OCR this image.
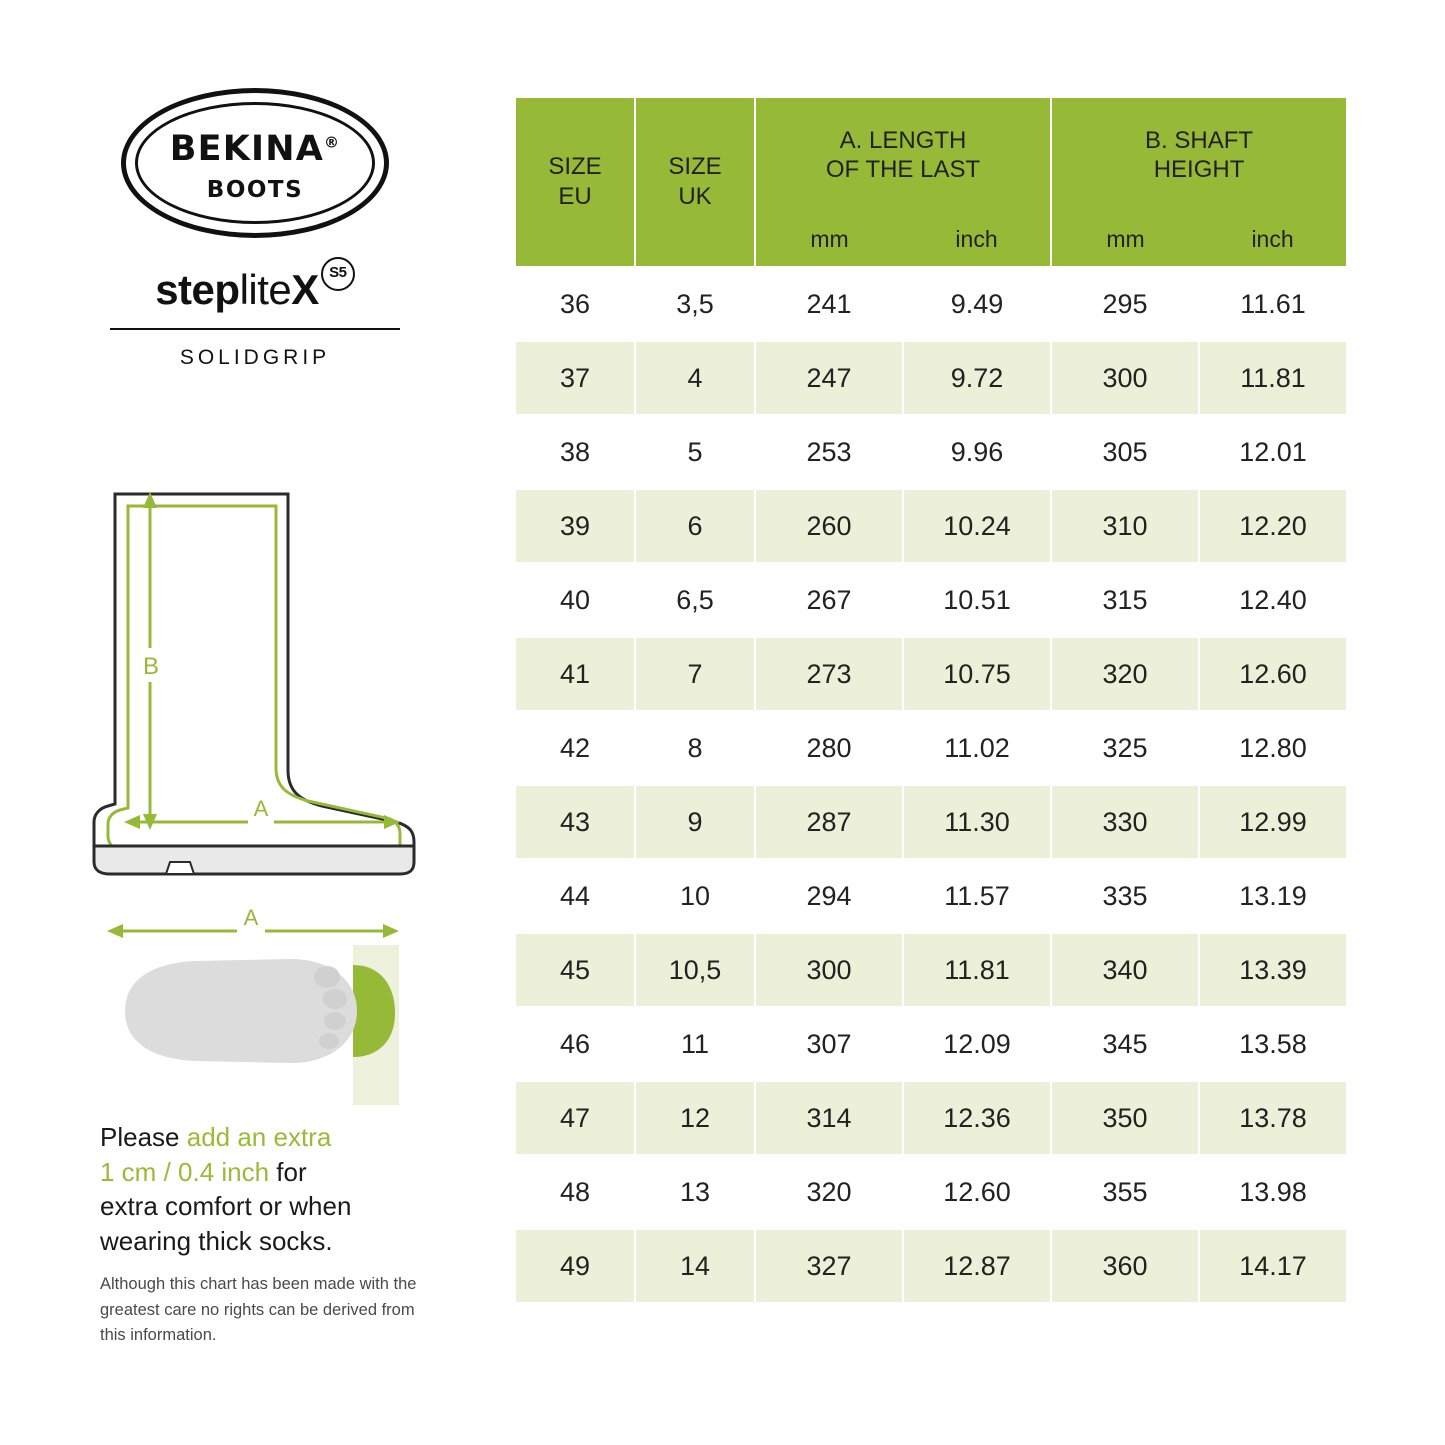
BEKINA®
BOOTS
stepliteX S5
SOLIDGRIP
B
A
A
Please add an extra
1 cm / 0.4 inch for
extra comfort or when wearing thick socks.
Although this chart has been made with the greatest care no rights can be derived from this information.
SIZE
EU

SIZE
UK

A. LENGTH
OF THE LAST
mm	inch

B. SHAFT
HEIGHT
mm	inch

36	3,5	241	9.49	295	11.61
37	4	247	9.72	300	11.81
38	5	253	9.96	305	12.01
39	6	260	10.24	310	12.20
40	6,5	267	10.51	315	12.40
41	7	273	10.75	320	12.60
42	8	280	11.02	325	12.80
43	9	287	11.30	330	12.99
44	10	294	11.57	335	13.19
45	10,5	300	11.81	340	13.39
46	11	307	12.09	345	13.58
47	12	314	12.36	350	13.78
48	13	320	12.60	355	13.98
49	14	327	12.87	360	14.17
